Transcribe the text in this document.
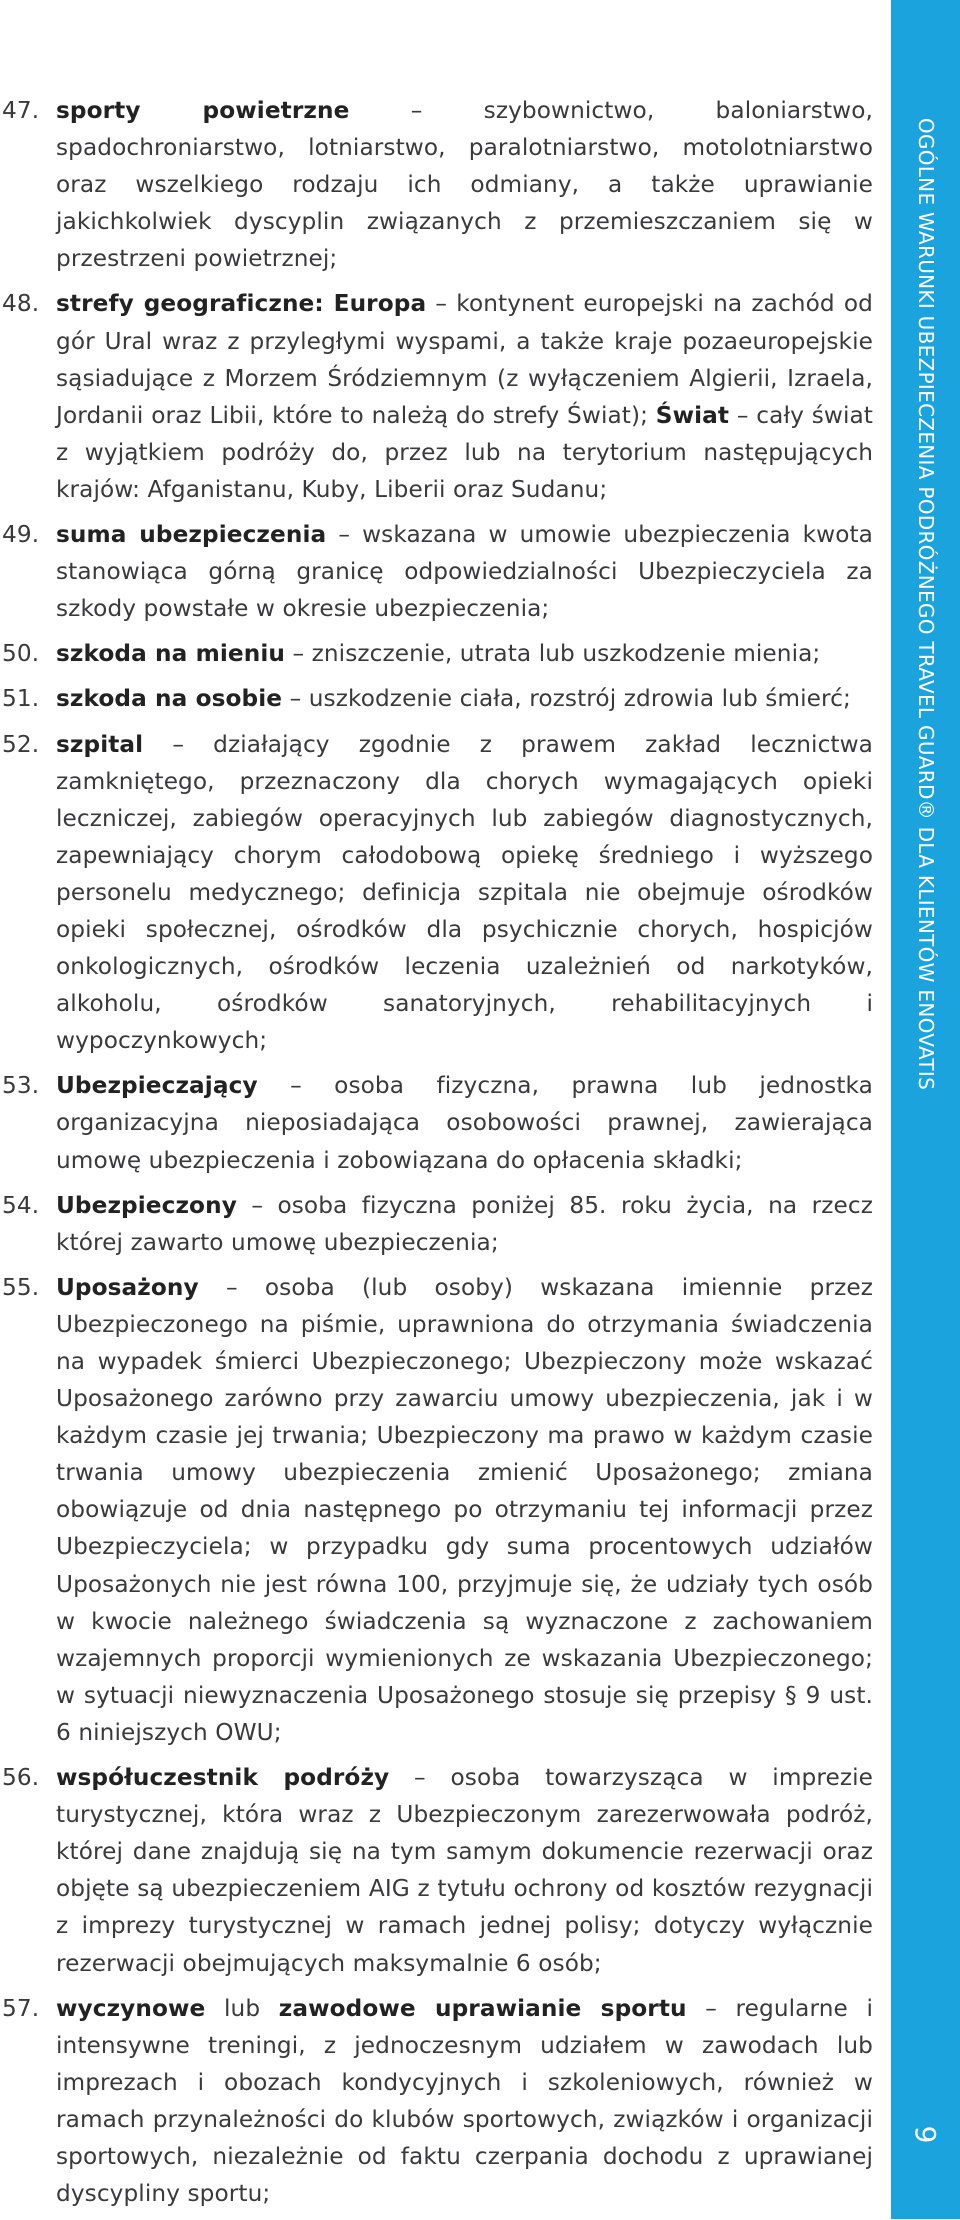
47. sporty powietrzne – szybownictwo, baloniarstwo, spadochroniarstwo, lotniarstwo, paralotniarstwo, motolotniarstwo oraz wszelkiego rodzaju ich odmiany, a także uprawianie jakichkolwiek dyscyplin związanych z przemieszczaniem się w przestrzeni powietrznej;

48. strefy geograficzne: Europa – kontynent europejski na zachód od gór Ural wraz z przyległymi wyspami, a także kraje pozaeuropejskie sąsiadujące z Morzem Śródziemnym (z wyłączeniem Algierii, Izraela, Jordanii oraz Libii, które to należą do strefy Świat); Świat – cały świat z wyjątkiem podróży do, przez lub na terytorium następujących krajów: Afganistanu, Kuby, Liberii oraz Sudanu;

49. suma ubezpieczenia – wskazana w umowie ubezpieczenia kwota stanowiąca górną granicę odpowiedzialności Ubezpieczyciela za szkody powstałe w okresie ubezpieczenia;

50. szkoda na mieniu – zniszczenie, utrata lub uszkodzenie mienia;

51. szkoda na osobie – uszkodzenie ciała, rozstrój zdrowia lub śmierć;

52. szpital – działający zgodnie z prawem zakład lecznictwa zamkniętego, przeznaczony dla chorych wymagających opieki leczniczej, zabiegów operacyjnych lub zabiegów diagnostycznych, zapewniający chorym całodobową opiekę średniego i wyższego personelu medycznego; definicja szpitala nie obejmuje ośrodków opieki społecznej, ośrodków dla psychicznie chorych, hospicjów onkologicznych, ośrodków leczenia uzależnień od narkotyków, alkoholu, ośrodków sanatoryjnych, rehabilitacyjnych i wypoczynkowych;

53. Ubezpieczający – osoba fizyczna, prawna lub jednostka organizacyjna nieposiadająca osobowości prawnej, zawierająca umowę ubezpieczenia i zobowiązana do opłacenia składki;

54. Ubezpieczony – osoba fizyczna poniżej 85. roku życia, na rzecz której zawarto umowę ubezpieczenia;

55. Uposażony – osoba (lub osoby) wskazana imiennie przez Ubezpieczonego na piśmie, uprawniona do otrzymania świadczenia na wypadek śmierci Ubezpieczonego; Ubezpieczony może wskazać Uposażonego zarówno przy zawarciu umowy ubezpieczenia, jak i w każdym czasie jej trwania; Ubezpieczony ma prawo w każdym czasie trwania umowy ubezpieczenia zmienić Uposażonego; zmiana obowiązuje od dnia następnego po otrzymaniu tej informacji przez Ubezpieczyciela; w przypadku gdy suma procentowych udziałów Uposażonych nie jest równa 100, przyjmuje się, że udziały tych osób w kwocie należnego świadczenia są wyznaczone z zachowaniem wzajemnych proporcji wymienionych ze wskazania Ubezpieczonego; w sytuacji niewyznaczenia Uposażonego stosuje się przepisy § 9 ust. 6 niniejszych OWU;

56. współuczestnik podróży – osoba towarzysząca w imprezie turystycznej, która wraz z Ubezpieczonym zarezerwowała podróż, której dane znajdują się na tym samym dokumencie rezerwacji oraz objęte są ubezpieczeniem AIG z tytułu ochrony od kosztów rezygnacji z imprezy turystycznej w ramach jednej polisy; dotyczy wyłącznie rezerwacji obejmujących maksymalnie 6 osób;

57. wyczynowe lub zawodowe uprawianie sportu – regularne i intensywne treningi, z jednoczesnym udziałem w zawodach lub imprezach i obozach kondycyjnych i szkoleniowych, również w ramach przynależności do klubów sportowych, związków i organizacji sportowych, niezależnie od faktu czerpania dochodu z uprawianej dyscypliny sportu;

OGÓLNE WARUNKI UBEZPIECZENIA PODRÓŻNEGO TRAVEL GUARD® DLA KLIENTÓW ENOVATIS
9
